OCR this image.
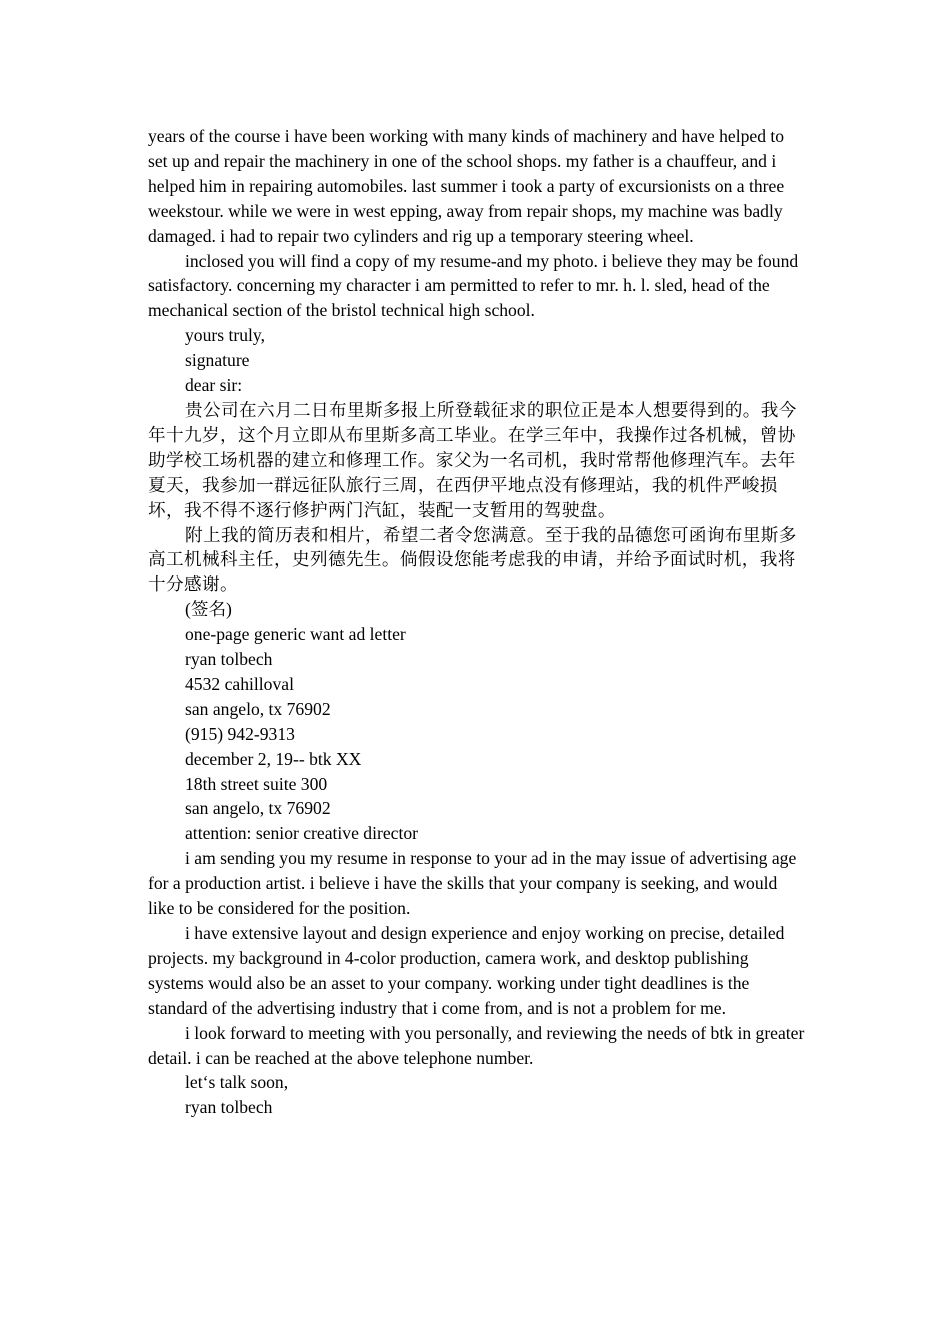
years of the course i have been working with many kinds of machinery and have helped to set up and repair the machinery in one of the school shops. my father is a chauffeur, and i helped him in repairing automobiles. last summer i took a party of excursionists on a three weekstour. while we were in west epping, away from repair shops, my machine was badly damaged. i had to repair two cylinders and rig up a temporary steering wheel.

inclosed you will find a copy of my resume-and my photo. i believe they may be found satisfactory. concerning my character i am permitted to refer to mr. h. l. sled, head of the mechanical section of the bristol technical high school.

yours truly,

signature

dear sir:

贵公司在六月二日布里斯多报上所登载征求的职位正是本人想要得到的。我今年十九岁，这个月立即从布里斯多高工毕业。在学三年中，我操作过各机械，曾协助学校工场机器的建立和修理工作。家父为一名司机，我时常帮他修理汽车。去年夏天，我参加一群远征队旅行三周，在西伊平地点没有修理站，我的机件严峻损坏，我不得不逐行修护两门汽缸，装配一支暂用的驾驶盘。

附上我的简历表和相片，希望二者令您满意。至于我的品德您可函询布里斯多高工机械科主任，史列德先生。倘假设您能考虑我的申请，并给予面试时机，我将十分感谢。

(签名)

one-page generic want ad letter

ryan tolbech

4532 cahilloval

san angelo, tx 76902

(915) 942-9313

december 2, 19-- btk XX

18th street suite 300

san angelo, tx 76902

attention: senior creative director

i am sending you my resume in response to your ad in the may issue of advertising age for a production artist. i believe i have the skills that your company is seeking, and would like to be considered for the position.

i have extensive layout and design experience and enjoy working on precise, detailed projects. my background in 4-color production, camera work, and desktop publishing systems would also be an asset to your company. working under tight deadlines is the standard of the advertising industry that i come from, and is not a problem for me.

i look forward to meeting with you personally, and reviewing the needs of btk in greater detail. i can be reached at the above telephone number.

let‘s talk soon,

ryan tolbech
